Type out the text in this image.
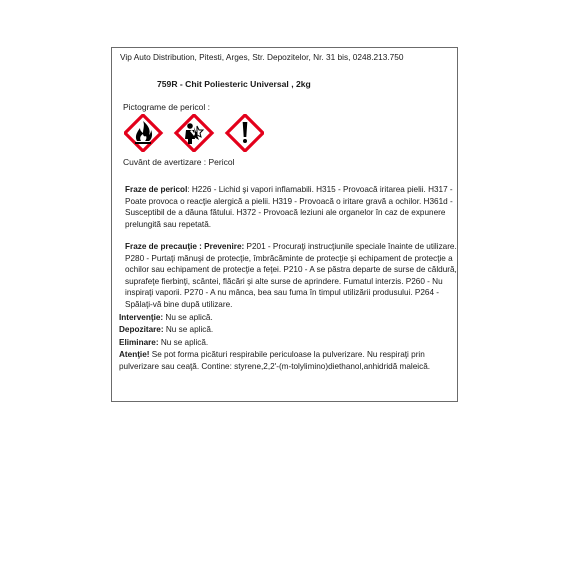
Vip Auto Distribution, Pitesti, Arges, Str. Depozitelor, Nr. 31 bis, 0248.213.750
759R - Chit Poliesteric Universal , 2kg
Pictograme de pericol :
Cuvânt de avertizare : Pericol
Fraze de pericol: H226 - Lichid şi vapori inflamabili. H315 - Provoacă iritarea pielii. H317 - Poate provoca o reacţie alergică a pielii. H319 - Provoacă o iritare gravă a ochilor. H361d - Susceptibil de a dăuna fătului. H372 - Provoacă leziuni ale organelor în caz de expunere prelungită sau repetată.
Fraze de precauţie : Prevenire: P201 - Procuraţi instrucţiunile speciale înainte de utilizare. P280 - Purtaţi mănuşi de protecţie, îmbrăcăminte de protecţie şi echipament de protecţie a ochilor sau echipament de protecţie a feţei. P210 - A se păstra departe de surse de căldură, suprafeţe fierbinţi, scântei, flăcări şi alte surse de aprindere. Fumatul interzis. P260 - Nu inspiraţi vaporii. P270 - A nu mânca, bea sau fuma în timpul utilizării produsului. P264 - Spălaţi-vă bine după utilizare.
Intervenţie: Nu se aplică.
Depozitare: Nu se aplică.
Eliminare: Nu se aplică.
Atenţie! Se pot forma picături respirabile periculoase la pulverizare. Nu respiraţi prin pulverizare sau ceaţă. Contine: styrene,2,2'-(m-tolylimino)diethanol,anhidridă maleică.
